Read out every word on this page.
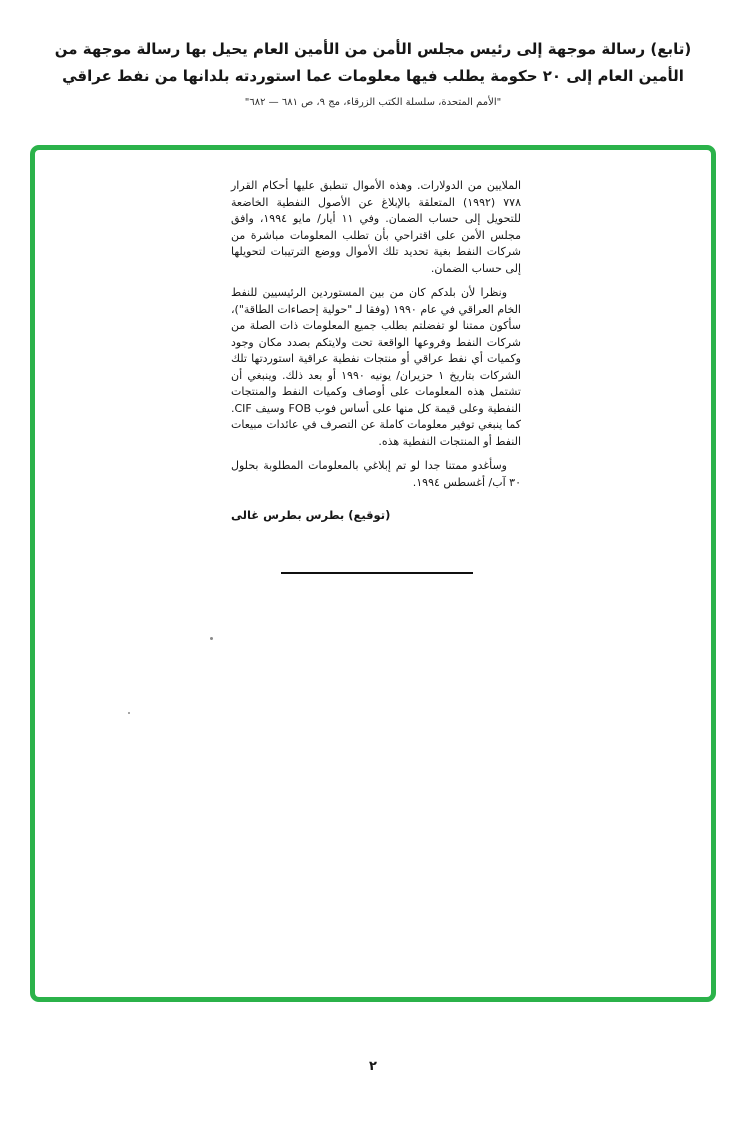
(تابع) رسالة موجهة إلى رئيس مجلس الأمن من الأمين العام يحيل بها رسالة موجهة من
الأمين العام إلى ٢٠ حكومة يطلب فيها معلومات عما استوردته بلدانها من نفط عراقي
"الأمم المتحدة، سلسلة الكتب الزرقاء، مج ٩، ص ٦٨١ — ٦٨٢"

الملايين من الدولارات. وهذه الأموال تنطبق عليها أحكام القرار ٧٧٨ (١٩٩٢) المتعلقة بالإبلاغ عن الأصول النفطية الخاضعة للتحويل إلى حساب الضمان. وفي ١١ أيار/ مايو ١٩٩٤، وافق مجلس الأمن على اقتراحي بأن تطلب المعلومات مباشرة من شركات النفط بغية تحديد تلك الأموال ووضع الترتيبات لتحويلها إلى حساب الضمان.

ونظرا لأن بلدكم كان من بين المستوردين الرئيسيين للنفط الخام العراقي في عام ١٩٩٠ (وفقا لـ "حولية إحصاءات الطاقة")، سأكون ممتنا لو تفضلتم بطلب جميع المعلومات ذات الصلة من شركات النفط وفروعها الواقعة تحت ولايتكم بصدد مكان وجود وكميات أي نفط عراقي أو منتجات نفطية عراقية استوردتها تلك الشركات بتاريخ ١ حزيران/ يونيه ١٩٩٠ أو بعد ذلك. وينبغي أن تشتمل هذه المعلومات على أوصاف وكميات النفط والمنتجات النفطية وعلى قيمة كل منها على أساس فوب FOB وسيف CIF. كما ينبغي توفير معلومات كاملة عن التصرف في عائدات مبيعات النفط أو المنتجات النفطية هذه.

وسأغدو ممتنا جدا لو تم إبلاغي بالمعلومات المطلوبة بحلول ٣٠ آب/ أغسطس ١٩٩٤.

(توقيع) بطرس بطرس غالى

٢
